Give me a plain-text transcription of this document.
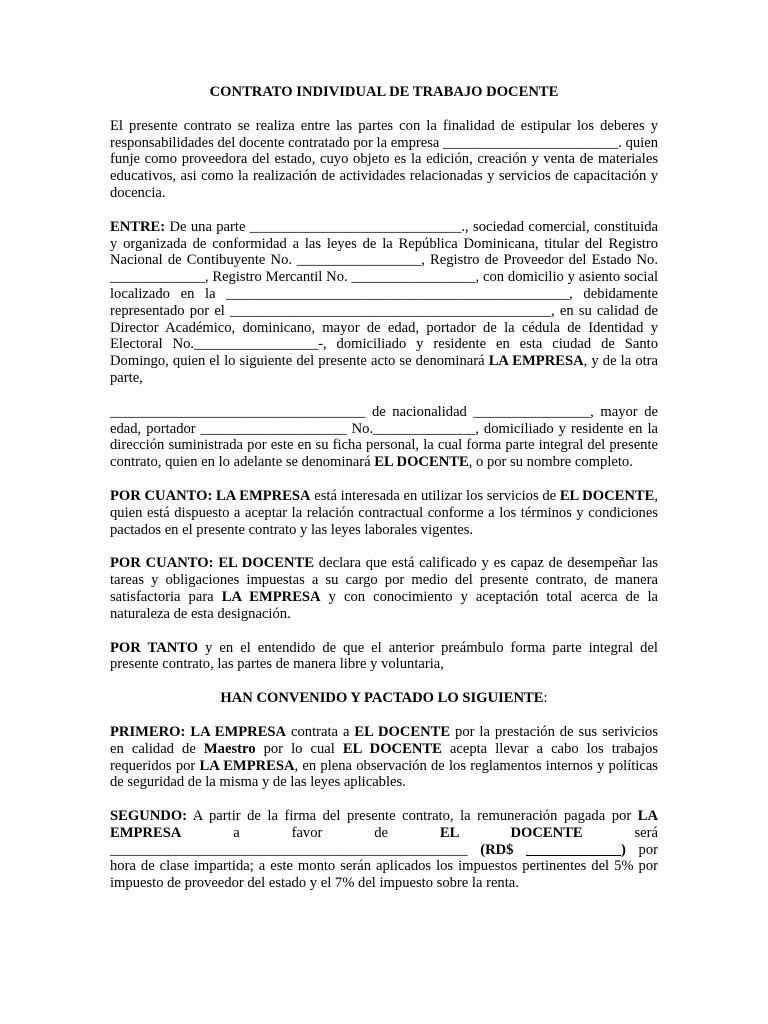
CONTRATO INDIVIDUAL DE TRABAJO DOCENTE

El presente contrato se realiza entre las partes con la finalidad de estipular los deberes y responsabilidades del docente contratado por la empresa ________________________. quien funje como proveedora del estado, cuyo objeto es la edición, creación y venta de materiales educativos, asi como la realización de actividades relacionadas y servicios de capacitación y docencia.

ENTRE: De una parte _____________________________., sociedad comercial, constituida y organizada de conformidad a las leyes de la República Dominicana, titular del Registro Nacional de Contibuyente No. _________________, Registro de Proveedor del Estado No. _____________, Registro Mercantil No. _________________, con domicilio y asiento social localizado en la _______________________________________________, debidamente representado por el ____________________________________________, en su calidad de Director Académico, dominicano, mayor de edad, portador de la cédula de Identidad y Electoral No._________________-, domiciliado y residente en esta ciudad de Santo Domingo, quien el lo siguiente del presente acto se denominará LA EMPRESA, y de la otra parte,

___________________________________ de nacionalidad ________________, mayor de edad, portador ____________________ No.______________, domiciliado y residente en la dirección suministrada por este en su ficha personal, la cual forma parte integral del presente contrato, quien en lo adelante se denominará EL DOCENTE, o por su nombre completo.

POR CUANTO: LA EMPRESA está interesada en utilizar los servicios de EL DOCENTE, quien está dispuesto a aceptar la relación contractual conforme a los términos y condiciones pactados en el presente contrato y las leyes laborales vigentes.

POR CUANTO: EL DOCENTE declara que está calificado y es capaz de desempeñar las tareas y obligaciones impuestas a su cargo por medio del presente contrato, de manera satisfactoria para LA EMPRESA y con conocimiento y aceptación total acerca de la naturaleza de esta designación.

POR TANTO y en el entendido de que el anterior preámbulo forma parte integral del presente contrato, las partes de manera libre y voluntaria,

HAN CONVENIDO Y PACTADO LO SIGUIENTE:

PRIMERO: LA EMPRESA contrata a EL DOCENTE por la prestación de sus serivicios en calidad de Maestro por lo cual EL DOCENTE acepta llevar a cabo los trabajos requeridos por LA EMPRESA, en plena observación de los reglamentos internos y políticas de seguridad de la misma y de las leyes aplicables.

SEGUNDO: A partir de la firma del presente contrato, la remuneración pagada por LA EMPRESA a favor de EL DOCENTE será _________________________________________________ (RD$ _____________) por hora de clase impartida; a este monto serán aplicados los impuestos pertinentes del 5% por impuesto de proveedor del estado y el 7% del impuesto sobre la renta.
